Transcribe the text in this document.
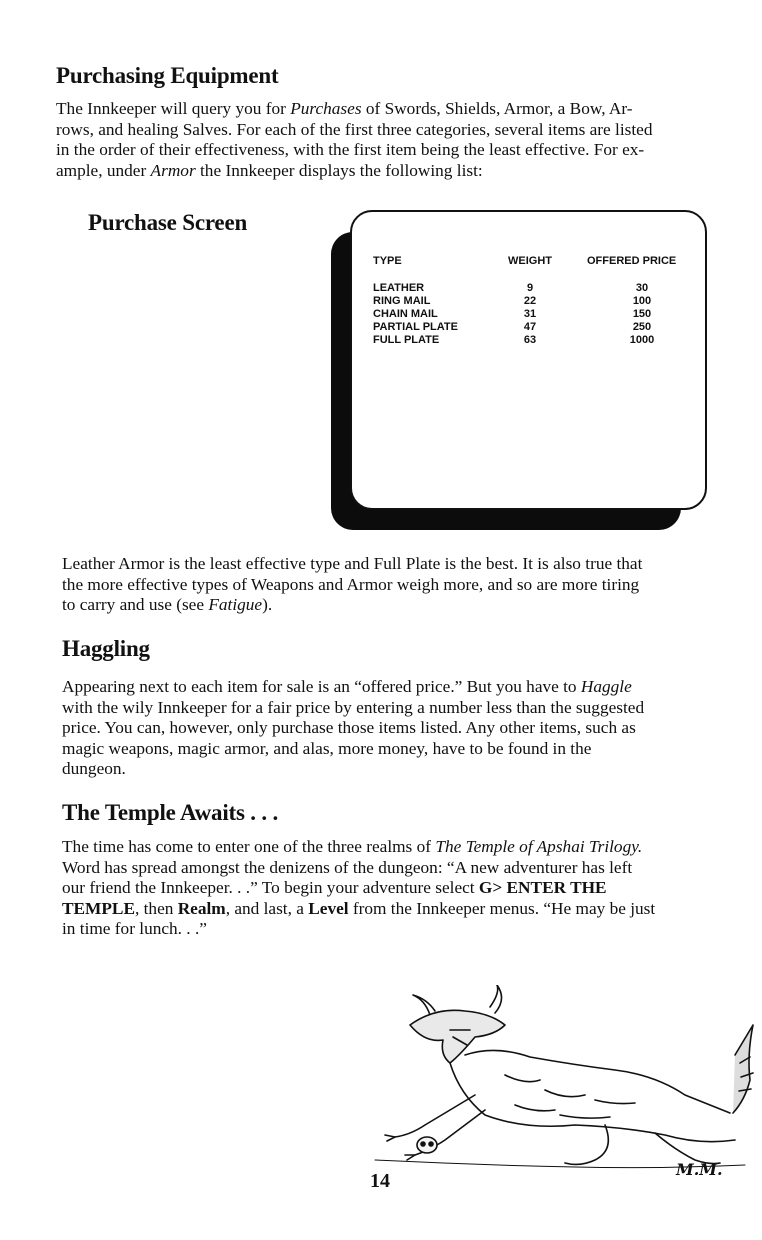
Purchasing Equipment

The Innkeeper will query you for Purchases of Swords, Shields, Armor, a Bow, Ar-
rows, and healing Salves. For each of the first three categories, several items are listed
in the order of their effectiveness, with the first item being the least effective. For ex-
ample, under Armor the Innkeeper displays the following list:

Purchase Screen
TYPE	WEIGHT	OFFERED PRICE
LEATHER	9	30
RING MAIL	22	100
CHAIN MAIL	31	150
PARTIAL PLATE	47	250
FULL PLATE	63	1000

Leather Armor is the least effective type and Full Plate is the best. It is also true that
the more effective types of Weapons and Armor weigh more, and so are more tiring
to carry and use (see Fatigue).

Haggling

Appearing next to each item for sale is an “offered price.” But you have to Haggle
with the wily Innkeeper for a fair price by entering a number less than the suggested
price. You can, however, only purchase those items listed. Any other items, such as
magic weapons, magic armor, and alas, more money, have to be found in the
dungeon.

The Temple Awaits . . .

The time has come to enter one of the three realms of The Temple of Apshai Trilogy.
Word has spread amongst the denizens of the dungeon: “A new adventurer has left
our friend the Innkeeper. . .” To begin your adventure select G> ENTER THE
TEMPLE, then Realm, and last, a Level from the Innkeeper menus. “He may be just
in time for lunch. . .”

14
M.M.
